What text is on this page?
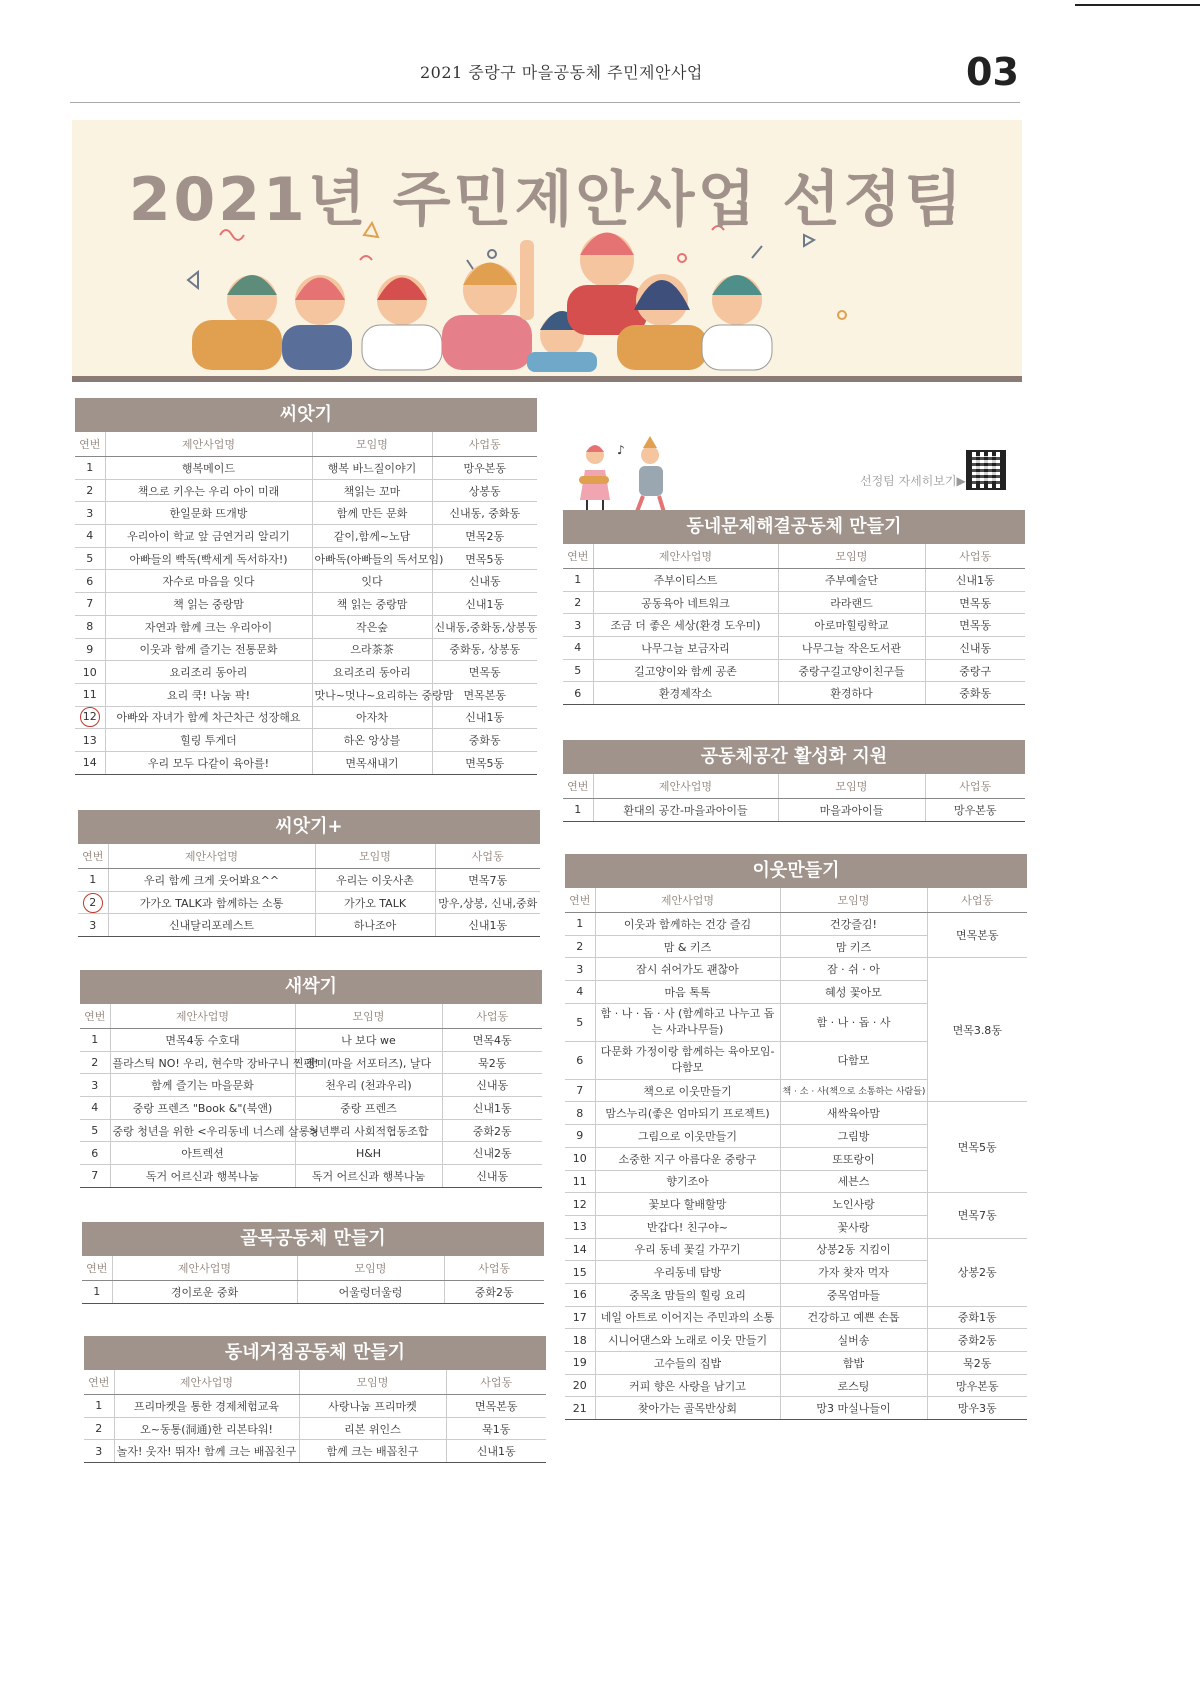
2021 중랑구 마을공동체 주민제안사업	03
2021년 주민제안사업 선정팀
씨앗기
연번	제안사업명	모임명	사업동
1	행복메이드	행복 바느질이야기	망우본동
2	책으로 키우는 우리 아이 미래	책읽는 꼬마	상봉동
3	한일문화 뜨개방	함께 만든 문화	신내동, 중화동
4	우리아이 학교 앞 금연거리 알리기	같이,함께~노담	면목2동
5	아빠들의 빡독(빡세게 독서하자!)	아빠독(아빠들의 독서모임)	면목5동
6	자수로 마음을 잇다	잇다	신내동
7	책 읽는 중랑맘	책 읽는 중랑맘	신내1동
8	자연과 함께 크는 우리아이	작은숲	신내동,중화동,상봉동
9	이웃과 함께 즐기는 전통문화	으라茶茶	중화동, 상봉동
10	요리조리 동아리	요리조리 동아리	면목동
11	요리 쿡! 나눔 팍!	맛나~멋나~요리하는 중랑맘	면목본동
12	아빠와 자녀가 함께 차근차근 성장해요	아자차	신내1동
13	힐링 투게더	하온 앙상블	중화동
14	우리 모두 다같이 육아를!	면목새내기	면목5동
씨앗기+
연번	제안사업명	모임명	사업동
1	우리 함께 크게 웃어봐요^^	우리는 이웃사촌	면목7동
2	가가오 TALK과 함께하는 소통	가가오 TALK	망우,상봉, 신내,중화
3	신내달리포레스트	하나조아	신내1동
새싹기
연번	제안사업명	모임명	사업동
1	면목4동 수호대	나 보다 we	면목4동
2	플라스틱 NO! 우리, 현수막 장바구니 찐팬!	장미(마을 서포터즈), 날다	묵2동
3	함께 즐기는 마을문화	천우리 (천과우리)	신내동
4	중랑 프렌즈 "Book &"(북앤)	중랑 프렌즈	신내1동
5	중랑 청년을 위한 <우리동네 너스레 살롱>	청년뿌리 사회적협동조합	중화2동
6	아트렉션	H&H	신내2동
7	독거 어르신과 행복나눔	독거 어르신과 행복나눔	신내동
골목공동체 만들기
연번	제안사업명	모임명	사업동
1	경이로운 중화	어울렁더울렁	중화2동
동네거점공동체 만들기
연번	제안사업명	모임명	사업동
1	프리마켓을 통한 경제체험교육	사랑나눔 프리마켓	면목본동
2	오~동통(洞通)한 리본타워!	리본 위인스	묵1동
3	놀자! 웃자! 뛰자! 함께 크는 배꼽친구	함께 크는 배꼽친구	신내1동
♪
선정팀 자세히보기▶
동네문제해결공동체 만들기
연번	제안사업명	모임명	사업동
1	주부이티스트	주부예술단	신내1동
2	공동육아 네트워크	라라랜드	면목동
3	조금 더 좋은 세상(환경 도우미)	아로마힐링학교	면목동
4	나무그늘 보금자리	나무그늘 작은도서관	신내동
5	길고양이와 함께 공존	중랑구길고양이친구들	중랑구
6	환경제작소	환경하다	중화동
공동체공간 활성화 지원
연번	제안사업명	모임명	사업동
1	환대의 공간-마을과아이들	마을과아이들	망우본동
이웃만들기
연번	제안사업명	모임명	사업동
1	이웃과 함께하는 건강 즐김	건강즐김!	면목본동
2	맘 & 키즈	맘 키즈	
3	잠시 쉬어가도 괜찮아	잠 · 쉬 · 아	면목3.8동
4	마음 톡톡	혜성 꽃아모	
5	함 · 나 · 돕 · 사 (함께하고 나누고 돕는 사과나무들)	함 · 나 · 돕 · 사	
6	다문화 가정이랑 함께하는 육아모임-다함모	다함모	
7	책으로 이웃만들기	책 · 소 · 사(책으로 소통하는 사람들)	
8	맘스누리(좋은 엄마되기 프로젝트)	새싹육아맘	면목5동
9	그림으로 이웃만들기	그림방	
10	소중한 지구 아름다운 중랑구	또또랑이	
11	향기조아	세븐스	
12	꽃보다 할배할망	노인사랑	면목7동
13	반갑다! 친구야~	꽃사랑	
14	우리 동네 꽃길 가꾸기	상봉2동 지킴이	상봉2동
15	우리동네 탐방	가자 찾자 먹자	
16	중목초 맘들의 힐링 요리	중목엄마들	
17	네일 아트로 이어지는 주민과의 소통	건강하고 예쁜 손톱	중화1동
18	시니어댄스와 노래로 이웃 만들기	실버송	중화2동
19	고수들의 집밥	함밥	묵2동
20	커피 향은 사랑을 남기고	로스팅	망우본동
21	찾아가는 골목반상회	망3 마실나들이	망우3동
